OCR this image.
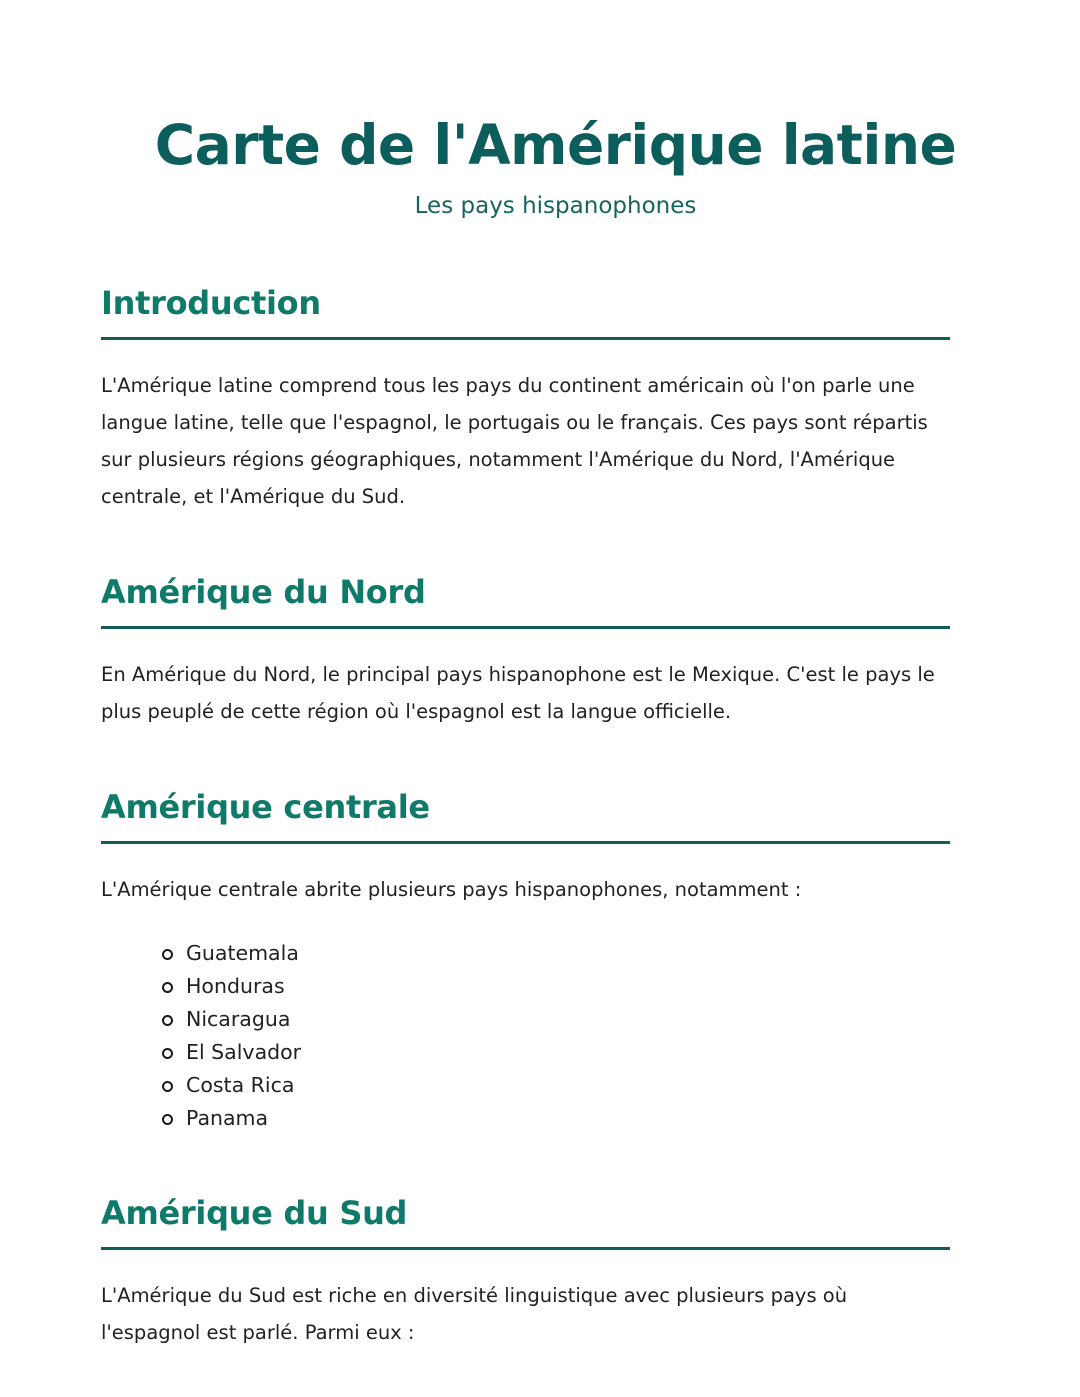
Carte de l'Amérique latine

Les pays hispanophones

Introduction

L'Amérique latine comprend tous les pays du continent américain où l'on parle une langue latine, telle que l'espagnol, le portugais ou le français. Ces pays sont répartis sur plusieurs régions géographiques, notamment l'Amérique du Nord, l'Amérique centrale, et l'Amérique du Sud.

Amérique du Nord

En Amérique du Nord, le principal pays hispanophone est le Mexique. C'est le pays le plus peuplé de cette région où l'espagnol est la langue officielle.

Amérique centrale

L'Amérique centrale abrite plusieurs pays hispanophones, notamment :

Guatemala
Honduras
Nicaragua
El Salvador
Costa Rica
Panama
Amérique du Sud

L'Amérique du Sud est riche en diversité linguistique avec plusieurs pays où l'espagnol est parlé. Parmi eux :
